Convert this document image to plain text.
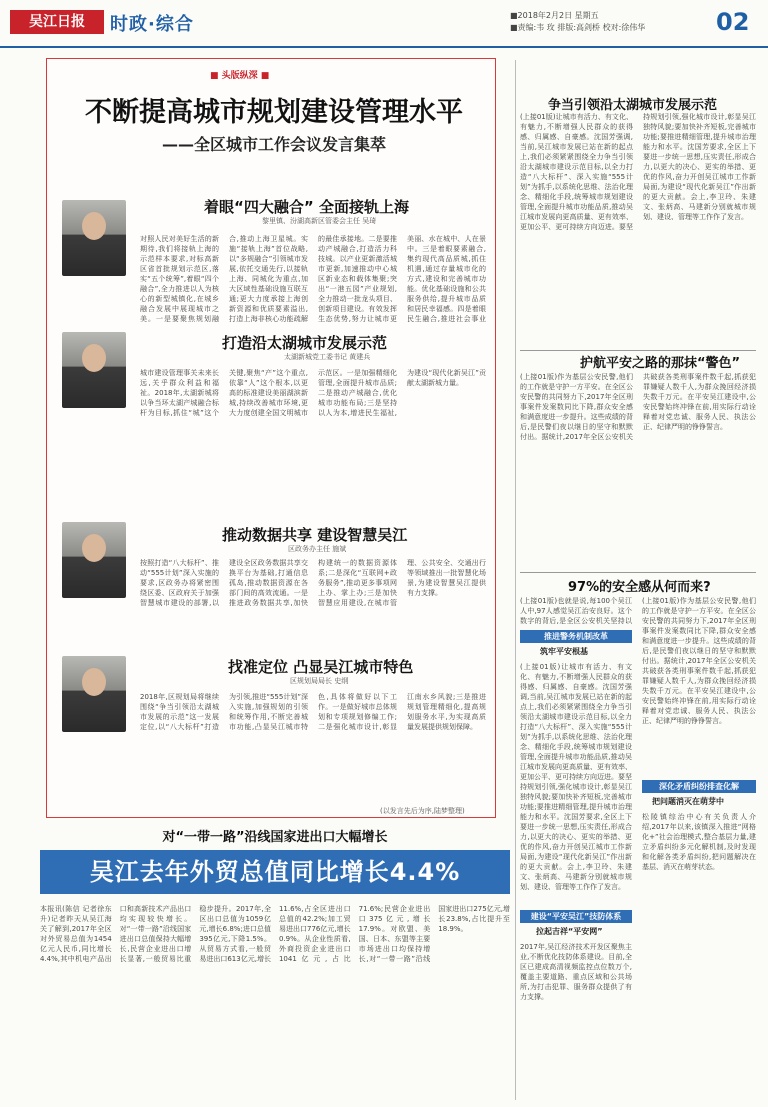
吴江日报	时政·综合	■2018年2月2日 星期五
■责编:韦 玫 排版:高剑桥 校对:徐伟华	02
■ 头版纵深 ■
不断提高城市规划建设管理水平
——全区城市工作会议发言集萃
着眼“四大融合” 全面接轨上海
黎里镇、汾湖高新区管委会主任 吴琦
对照人民对美好生活的新期待,我们将接轨上海的示范样本要求,对标高新区省首批规划示范区,落实“五个统筹”,着眼“四个融合”,全力推进以人为核心的新型城镇化,在城乡融合发展中展现城市之美。一是要聚焦规划融合,推动上海卫星城。实施“接轨上海”首位战略,以“多规融合”引领城市发展,依托交通先行,以接轨上海、同城化为重点,加大区域性基础设施互联互通;更大力度承接上海创新资源和优质要素溢出,打造上海非核心功能疏解的最佳承接地。二是要推动产城融合,打造活力科技城。以产业更新激活城市更新,加速推动中心城区新业态和载体集聚;突出“一港五园”产业规划,全力推动一批龙头项目、创新项目建设。有效发挥生态优势,努力让城市更美丽、水在城中、人在景中。三是着眼要素融合,集约现代高品质城,抓住机遇,通过存量城市化的方式,建设和完善城市功能。优化基础设施和公共服务供给,提升城市品质和居民幸福感。四是着眼民生融合,推进社会事业
打造沿太湖城市发展示范
太湖新城党工委书记 黄建兵
城市建设管理事关未来长远,关乎群众利益和福祉。2018年,太湖新城将以争当环太湖产城融合标杆为目标,抓住“城”这个关键,聚焦“产”这个重点,依靠“人”这个根本,以更高的标准建设美丽湖滨新城,持续改善城市环境,更大力度创建全国文明城市示范区。一是加强精细化管理,全面提升城市品质;二是推动产城融合,优化城市功能布局;三是坚持以人为本,增进民生福祉,为建设“现代化新吴江”贡献太湖新城力量。
推动数据共享 建设智慧吴江
区政务办主任 施斌
按照打造“八大标杆”、推动“555计划”深入实施的要求,区政务办将紧密围绕区委、区政府关于加强智慧城市建设的部署,以建设全区政务数据共享交换平台为基础,打通信息孤岛,推动数据资源在各部门间的高效流通。一是推进政务数据共享,加快构建统一的数据资源体系;二是深化“互联网+政务服务”,推动更多事项网上办、掌上办;三是加快智慧应用建设,在城市管理、公共安全、交通出行等领域推出一批智慧化场景,为建设智慧吴江提供有力支撑。
找准定位 凸显吴江城市特色
区规划局局长 史纲
2018年,区规划局将继续围绕“争当引领沿太湖城市发展的示范”这一发展定位,以“八大标杆”打造为引领,推进“555计划”深入实施,加强规划的引领和统筹作用,不断完善城市功能,凸显吴江城市特色,具体将做好以下工作。一是做好城市总体规划和专项规划修编工作;二是强化城市设计,彰显江南水乡风貌;三是推进规划管理精细化,提高规划服务水平,为实现高质量发展提供规划保障。
(以发言先后为序,陆梦整理)
对“一带一路”沿线国家进出口大幅增长
吴江去年外贸总值同比增长4.4%
本报讯(陈信 记者徐东升)记者昨天从吴江海关了解到,2017年全区对外贸易总值为1454亿元人民币,同比增长4.4%,其中机电产品出口和高新技术产品出口均实现较快增长。对“一带一路”沿线国家进出口总值保持大幅增长,民营企业进出口增长显著,一般贸易比重稳步提升。2017年,全区出口总值为1059亿元,增长6.8%;进口总值395亿元,下降1.5%。从贸易方式看,一般贸易进出口613亿元,增长11.6%,占全区进出口总值的42.2%;加工贸易进出口776亿元,增长0.9%。从企业性质看,外商投资企业进出口1041亿元,占比71.6%;民营企业进出口375亿元,增长17.9%。对欧盟、美国、日本、东盟等主要市场进出口均保持增长,对“一带一路”沿线国家进出口275亿元,增长23.8%,占比提升至18.9%。
争当引领沿太湖城市发展示范
(上接01版)让城市有活力、有文化、有魅力,不断增强人民群众的获得感、归属感、自豪感。沈国芳强调,当前,吴江城市发展已站在新的起点上,我们必须紧紧围绕全力争当引领沿太湖城市建设示范目标,以全力打造“八大标杆”、深入实施“555计划”为抓手,以系统化思维、法治化理念、精细化手段,统筹城市规划建设管理,全面提升城市功能品质,推动吴江城市发展向更高质量、更有效率、更加公平、更可持续方向迈进。要坚持规划引领,强化城市设计,彰显吴江独特风貌;要加快补齐短板,完善城市功能;要推进精细管理,提升城市治理能力和水平。沈国芳要求,全区上下要进一步统一思想,压实责任,形成合力,以更大的决心、更实的举措、更优的作风,奋力开创吴江城市工作新局面,为建设“现代化新吴江”作出新的更大贡献。会上,李卫玲、朱建文、张炳高、马建新分别就城市规划、建设、管理等工作作了发言。
护航平安之路的那抹“警色”
(上接01版)作为基层公安民警,他们的工作就是守护一方平安。在全区公安民警的共同努力下,2017年全区刑事案件发案数同比下降,群众安全感和满意度进一步提升。这些成绩的背后,是民警们夜以继日的坚守和默默付出。据统计,2017年全区公安机关共破获各类刑事案件数千起,抓获犯罪嫌疑人数千人,为群众挽回经济损失数千万元。在平安吴江建设中,公安民警始终冲锋在前,用实际行动诠释着对党忠诚、服务人民、执法公正、纪律严明的铮铮誓言。
97%的安全感从何而来?
(上接01版)也就是说,每100个吴江人中,97人感觉吴江治安良好。这个数字的背后,是全区公安机关坚持以
推进警务机制改革
筑牢平安根基
(上接01版)让城市有活力、有文化、有魅力,不断增强人民群众的获得感、归属感、自豪感。沈国芳强调,当前,吴江城市发展已站在新的起点上,我们必须紧紧围绕全力争当引领沿太湖城市建设示范目标,以全力打造“八大标杆”、深入实施“555计划”为抓手,以系统化思维、法治化理念、精细化手段,统筹城市规划建设管理,全面提升城市功能品质,推动吴江城市发展向更高质量、更有效率、更加公平、更可持续方向迈进。要坚持规划引领,强化城市设计,彰显吴江独特风貌;要加快补齐短板,完善城市功能;要推进精细管理,提升城市治理能力和水平。沈国芳要求,全区上下要进一步统一思想,压实责任,形成合力,以更大的决心、更实的举措、更优的作风,奋力开创吴江城市工作新局面,为建设“现代化新吴江”作出新的更大贡献。会上,李卫玲、朱建文、张炳高、马建新分别就城市规划、建设、管理等工作作了发言。
(上接01版)作为基层公安民警,他们的工作就是守护一方平安。在全区公安民警的共同努力下,2017年全区刑事案件发案数同比下降,群众安全感和满意度进一步提升。这些成绩的背后,是民警们夜以继日的坚守和默默付出。据统计,2017年全区公安机关共破获各类刑事案件数千起,抓获犯罪嫌疑人数千人,为群众挽回经济损失数千万元。在平安吴江建设中,公安民警始终冲锋在前,用实际行动诠释着对党忠诚、服务人民、执法公正、纪律严明的铮铮誓言。
深化矛盾纠纷排查化解
把问题消灭在萌芽中
松陵镇综治中心有关负责人介绍,2017年以来,该镇深入推进“网格化+”社会治理模式,整合基层力量,建立矛盾纠纷多元化解机制,及时发现和化解各类矛盾纠纷,把问题解决在基层、消灭在萌芽状态。
建设“平安吴江”技防体系
拉起吉祥“平安网”
2017年,吴江经济技术开发区聚焦主业,不断优化技防体系建设。目前,全区已建成高清视频监控点位数万个,覆盖主要道路、重点区域和公共场所,为打击犯罪、服务群众提供了有力支撑。
